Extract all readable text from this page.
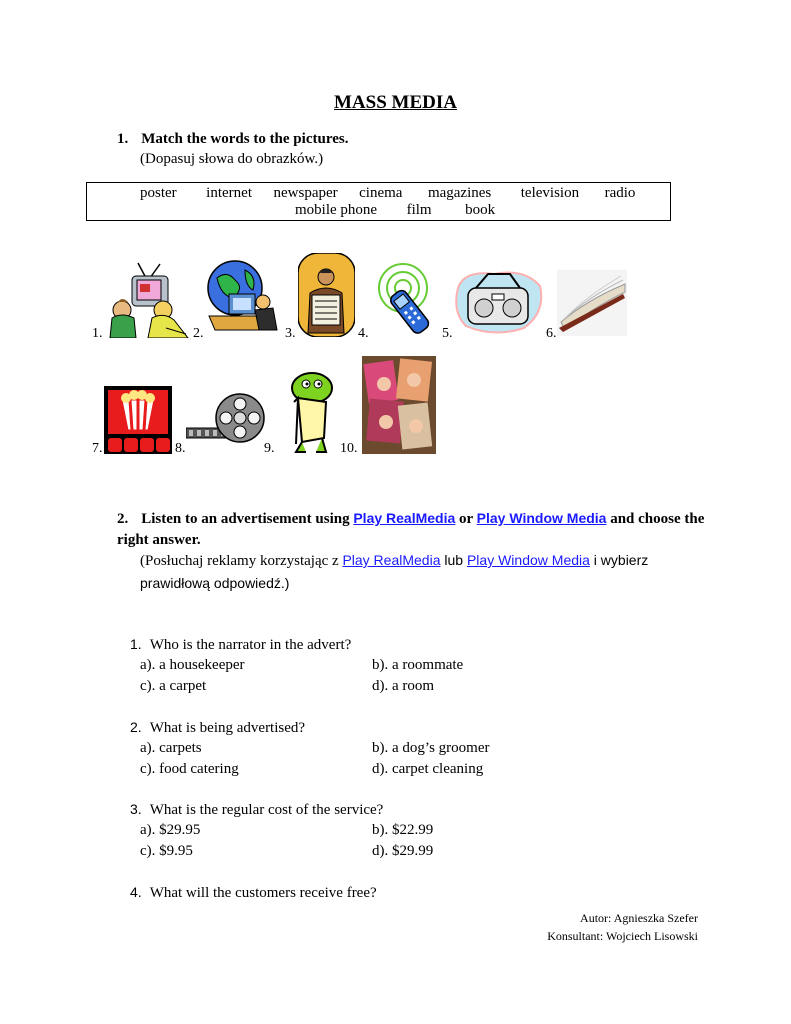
MASS MEDIA
1. Match the words to the pictures.
(Dopasuj słowa do obrazków.)
poster internet newspaper cinema magazines television radio
mobile phone film book
1.	2.	3.	4.	5.	6.
7.	8.	9.	10.
2. Listen to an advertisement using Play RealMedia or Play Window Media and choose the right answer.
(Posłuchaj reklamy korzystając z Play RealMedia lub Play Window Media i wybierz prawidłową odpowiedź.)
1. Who is the narrator in the advert?
a). a housekeeper	b). a roommate
c). a carpet	d). a room
2. What is being advertised?
a). carpets	b). a dog’s groomer
c). food catering	d). carpet cleaning
3. What is the regular cost of the service?
a). $29.95	b). $22.99
c). $9.95	d). $29.99
4. What will the customers receive free?
Autor: Agnieszka Szefer
Konsultant: Wojciech Lisowski
